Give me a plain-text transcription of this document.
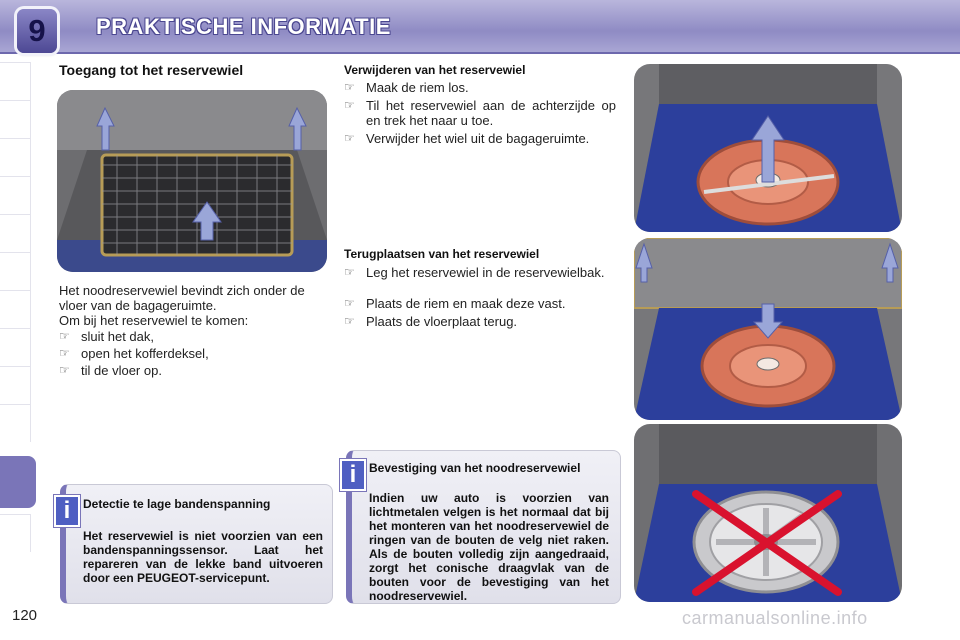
9	PRAKTISCHE INFORMATIE
Toegang tot het reservewiel
Het noodreservewiel bevindt zich onder de vloer van de bagageruimte.
Om bij het reservewiel te komen:
☞ sluit het dak,
☞ open het kofferdeksel,
☞ til de vloer op.
Detectie te lage bandenspanning
Het reservewiel is niet voorzien van een bandenspanningssensor. Laat het repareren van de lekke band uitvoeren door een PEUGEOT-servicepunt.
i
Verwijderen van het reservewiel
☞ Maak de riem los.
☞ Til het reservewiel aan de achterzijde op en trek het naar u toe.
☞ Verwijder het wiel uit de bagageruimte.
Terugplaatsen van het reservewiel
☞ Leg het reservewiel in de reservewielbak.
☞ Plaats de riem en maak deze vast.
☞ Plaats de vloerplaat terug.
Bevestiging van het noodreservewiel
Indien uw auto is voorzien van lichtmetalen velgen is het normaal dat bij het monteren van het noodreservewiel de ringen van de bouten de velg niet raken. Als de bouten volledig zijn aangedraaid, zorgt het conische draagvlak van de bouten voor de bevestiging van het noodreservewiel.
i
120	carmanualsonline.info
